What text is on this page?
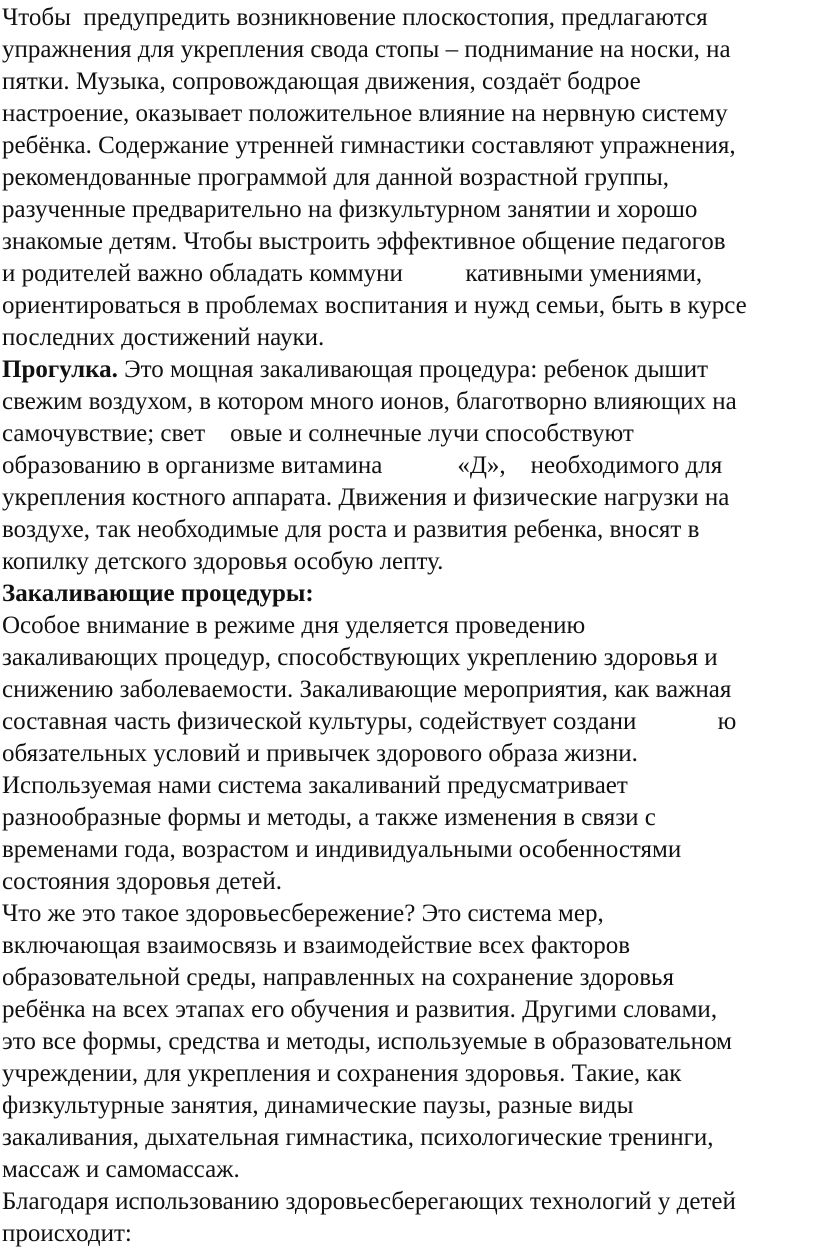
Чтобы  предупредить возникновение плоскостопия, предлагаются
упражнения для укрепления свода стопы – поднимание на носки, на
пятки. Музыка, сопровождающая движения, создаёт бодрое
настроение, оказывает положительное влияние на нервную систему
ребёнка. Содержание утренней гимнастики составляют упражнения,
рекомендованные программой для данной возрастной группы,
разученные предварительно на физкультурном занятии и хорошо
знакомые детям. Чтобы выстроить эффективное общение педагогов
и родителей важно обладать коммуни          кативными умениями,
ориентироваться в проблемах воспитания и нужд семьи, быть в курсе
последних достижений науки.
Прогулка. Это мощная закаливающая процедура: ребенок дышит
свежим воздухом, в котором много ионов, благотворно влияющих на
самочувствие; свет    овые и солнечные лучи способствуют
образованию в организме витамина            «Д»,    необходимого для
укрепления костного аппарата. Движения и физические нагрузки на
воздухе, так необходимые для роста и развития ребенка, вносят в
копилку детского здоровья особую лепту.
Закаливающие процедуры:
Особое внимание в режиме дня уделяется проведению
закаливающих процедур, способствующих укреплению здоровья и
снижению заболеваемости. Закаливающие мероприятия, как важная
составная часть физической культуры, содействует создани             ю
обязательных условий и привычек здорового образа жизни.
Используемая нами система закаливаний предусматривает
разнообразные формы и методы, а также изменения в связи с
временами года, возрастом и индивидуальными особенностями
состояния здоровья детей.
Что же это такое здоровьесбережение? Это система мер,
включающая взаимосвязь и взаимодействие всех факторов
образовательной среды, направленных на сохранение здоровья
ребёнка на всех этапах его обучения и развития. Другими словами,
это все формы, средства и методы, используемые в образовательном
учреждении, для укрепления и сохранения здоровья. Такие, как
физкультурные занятия, динамические паузы, разные виды
закаливания, дыхательная гимнастика, психологические тренинги,
массаж и самомассаж.
Благодаря использованию здоровьесберегающих технологий у детей
происходит:
